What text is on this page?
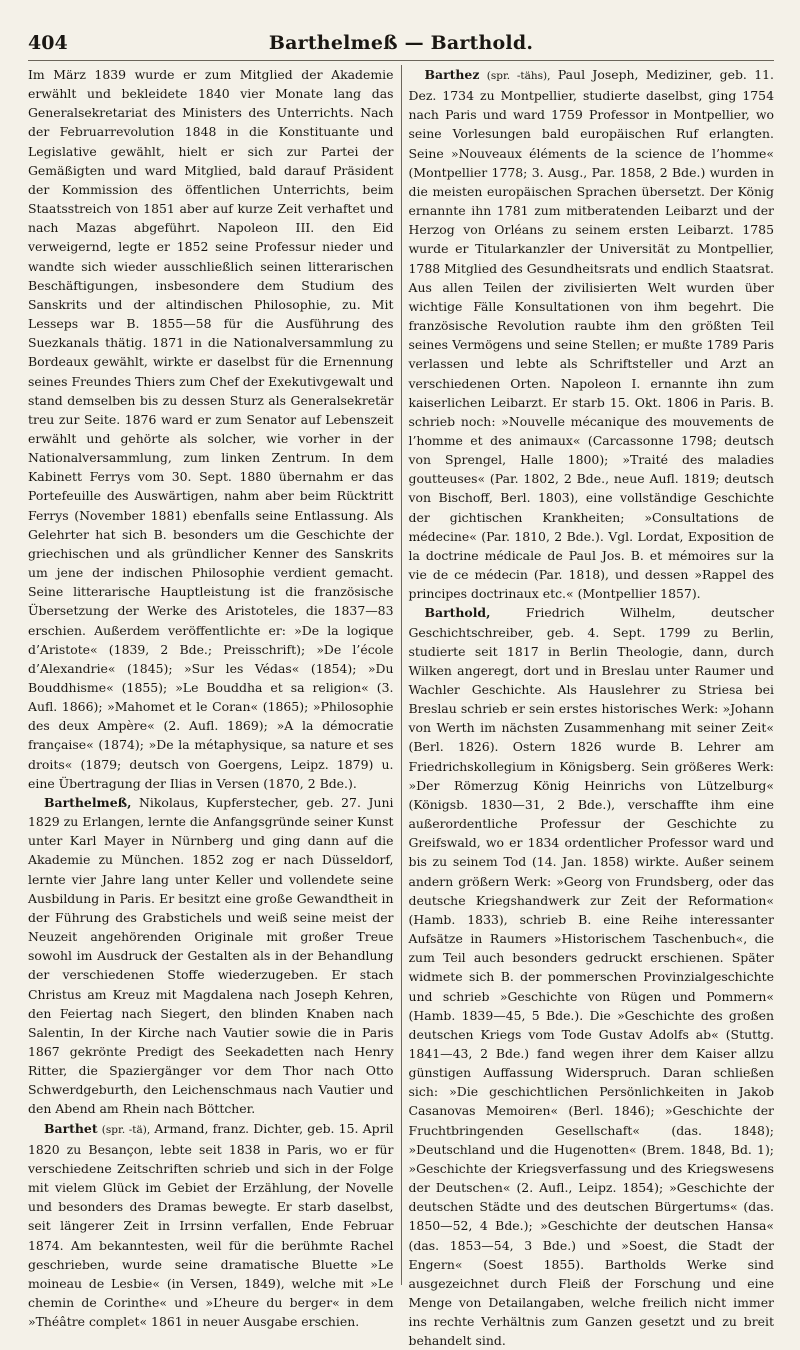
404	Barthelmeß — Barthold.

Im März 1839 wurde er zum Mitglied der Akademie erwählt und bekleidete 1840 vier Monate lang das Generalsekretariat des Ministers des Unterrichts. Nach der Februarrevolution 1848 in die Konstituante und Legislative gewählt, hielt er sich zur Partei der Gemäßigten und ward Mitglied, bald darauf Präsident der Kommission des öffentlichen Unterrichts, beim Staatsstreich von 1851 aber auf kurze Zeit verhaftet und nach Mazas abgeführt. Napoleon III. den Eid verweigernd, legte er 1852 seine Professur nieder und wandte sich wieder ausschließlich seinen litterarischen Beschäftigungen, insbesondere dem Studium des Sanskrits und der altindischen Philosophie, zu. Mit Lesseps war B. 1855—58 für die Ausführung des Suezkanals thätig. 1871 in die Nationalversammlung zu Bordeaux gewählt, wirkte er daselbst für die Ernennung seines Freundes Thiers zum Chef der Exekutivgewalt und stand demselben bis zu dessen Sturz als Generalsekretär treu zur Seite. 1876 ward er zum Senator auf Lebenszeit erwählt und gehörte als solcher, wie vorher in der Nationalversammlung, zum linken Zentrum. In dem Kabinett Ferrys vom 30. Sept. 1880 übernahm er das Portefeuille des Auswärtigen, nahm aber beim Rücktritt Ferrys (November 1881) ebenfalls seine Entlassung. Als Gelehrter hat sich B. besonders um die Geschichte der griechischen und als gründlicher Kenner des Sanskrits um jene der indischen Philosophie verdient gemacht. Seine litterarische Hauptleistung ist die französische Übersetzung der Werke des Aristoteles, die 1837—83 erschien. Außerdem veröffentlichte er: »De la logique d’Aristote« (1839, 2 Bde.; Preisschrift); »De l’école d’Alexandrie« (1845); »Sur les Védas« (1854); »Du Bouddhisme« (1855); »Le Bouddha et sa religion« (3. Aufl. 1866); »Mahomet et le Coran« (1865); »Philosophie des deux Ampère« (2. Aufl. 1869); »A la démocratie française« (1874); »De la métaphysique, sa nature et ses droits« (1879; deutsch von Goergens, Leipz. 1879) u. eine Übertragung der Ilias in Versen (1870, 2 Bde.).

Barthelmeß, Nikolaus, Kupferstecher, geb. 27. Juni 1829 zu Erlangen, lernte die Anfangsgründe seiner Kunst unter Karl Mayer in Nürnberg und ging dann auf die Akademie zu München. 1852 zog er nach Düsseldorf, lernte vier Jahre lang unter Keller und vollendete seine Ausbildung in Paris. Er besitzt eine große Gewandtheit in der Führung des Grabstichels und weiß seine meist der Neuzeit angehörenden Originale mit großer Treue sowohl im Ausdruck der Gestalten als in der Behandlung der verschiedenen Stoffe wiederzugeben. Er stach Christus am Kreuz mit Magdalena nach Joseph Kehren, den Feiertag nach Siegert, den blinden Knaben nach Salentin, In der Kirche nach Vautier sowie die in Paris 1867 gekrönte Predigt des Seekadetten nach Henry Ritter, die Spaziergänger vor dem Thor nach Otto Schwerdgeburth, den Leichenschmaus nach Vautier und den Abend am Rhein nach Böttcher.

Barthet (spr. -tä), Armand, franz. Dichter, geb. 15. April 1820 zu Besançon, lebte seit 1838 in Paris, wo er für verschiedene Zeitschriften schrieb und sich in der Folge mit vielem Glück im Gebiet der Erzählung, der Novelle und besonders des Dramas bewegte. Er starb daselbst, seit längerer Zeit in Irrsinn verfallen, Ende Februar 1874. Am bekanntesten, weil für die berühmte Rachel geschrieben, wurde seine dramatische Bluette »Le moineau de Lesbie« (in Versen, 1849), welche mit »Le chemin de Corinthe« und »L’heure du berger« in dem »Théâtre complet« 1861 in neuer Ausgabe erschien.

Barthez (spr. -tähs), Paul Joseph, Mediziner, geb. 11. Dez. 1734 zu Montpellier, studierte daselbst, ging 1754 nach Paris und ward 1759 Professor in Montpellier, wo seine Vorlesungen bald europäischen Ruf erlangten. Seine »Nouveaux éléments de la science de l’homme« (Montpellier 1778; 3. Ausg., Par. 1858, 2 Bde.) wurden in die meisten europäischen Sprachen übersetzt. Der König ernannte ihn 1781 zum mitberatenden Leibarzt und der Herzog von Orléans zu seinem ersten Leibarzt. 1785 wurde er Titularkanzler der Universität zu Montpellier, 1788 Mitglied des Gesundheitsrats und endlich Staatsrat. Aus allen Teilen der zivilisierten Welt wurden über wichtige Fälle Konsultationen von ihm begehrt. Die französische Revolution raubte ihm den größten Teil seines Vermögens und seine Stellen; er mußte 1789 Paris verlassen und lebte als Schriftsteller und Arzt an verschiedenen Orten. Napoleon I. ernannte ihn zum kaiserlichen Leibarzt. Er starb 15. Okt. 1806 in Paris. B. schrieb noch: »Nouvelle mécanique des mouvements de l’homme et des animaux« (Carcassonne 1798; deutsch von Sprengel, Halle 1800); »Traité des maladies goutteuses« (Par. 1802, 2 Bde., neue Aufl. 1819; deutsch von Bischoff, Berl. 1803), eine vollständige Geschichte der gichtischen Krankheiten; »Consultations de médecine« (Par. 1810, 2 Bde.). Vgl. Lordat, Exposition de la doctrine médicale de Paul Jos. B. et mémoires sur la vie de ce médecin (Par. 1818), und dessen »Rappel des principes doctrinaux etc.« (Montpellier 1857).

Barthold,	Friedrich Wilhelm, deutscher Geschichtschreiber, geb. 4. Sept. 1799 zu Berlin, studierte seit 1817 in Berlin Theologie, dann, durch Wilken angeregt, dort und in Breslau unter Raumer und Wachler Geschichte. Als Hauslehrer zu Striesa bei Breslau schrieb er sein erstes historisches Werk: »Johann von Werth im nächsten Zusammenhang mit seiner Zeit« (Berl. 1826). Ostern 1826 wurde B. Lehrer am Friedrichskollegium in Königsberg. Sein größeres Werk: »Der Römerzug König Heinrichs von Lützelburg« (Königsb. 1830—31, 2 Bde.), verschaffte ihm eine außerordentliche Professur der Geschichte zu Greifswald, wo er 1834 ordentlicher Professor ward und bis zu seinem Tod (14. Jan. 1858) wirkte. Außer seinem andern größern Werk: »Georg von Frundsberg, oder das deutsche Kriegshandwerk zur Zeit der Reformation« (Hamb. 1833), schrieb B. eine Reihe interessanter Aufsätze in Raumers »Historischem Taschenbuch«, die zum Teil auch besonders gedruckt erschienen. Später widmete sich B. der pommerschen Provinzialgeschichte und schrieb »Geschichte von Rügen und Pommern« (Hamb. 1839—45, 5 Bde.). Die »Geschichte des großen deutschen Kriegs vom Tode Gustav Adolfs ab« (Stuttg. 1841—43, 2 Bde.) fand wegen ihrer dem Kaiser allzu günstigen Auffassung Widerspruch. Daran schließen sich: »Die geschichtlichen Persönlichkeiten in Jakob Casanovas Memoiren« (Berl. 1846); »Geschichte der Fruchtbringenden Gesellschaft« (das. 1848); »Deutschland und die Hugenotten« (Brem. 1848, Bd. 1); »Geschichte der Kriegsverfassung und des Kriegswesens der Deutschen« (2. Aufl., Leipz. 1854); »Geschichte der deutschen Städte und des deutschen Bürgertums« (das. 1850—52, 4 Bde.); »Geschichte der deutschen Hansa« (das. 1853—54, 3 Bde.) und »Soest, die Stadt der Engern« (Soest 1855). Bartholds Werke sind ausgezeichnet durch Fleiß der Forschung und eine Menge von Detailangaben, welche freilich nicht immer ins rechte Verhältnis zum Ganzen gesetzt und zu breit behandelt sind.
